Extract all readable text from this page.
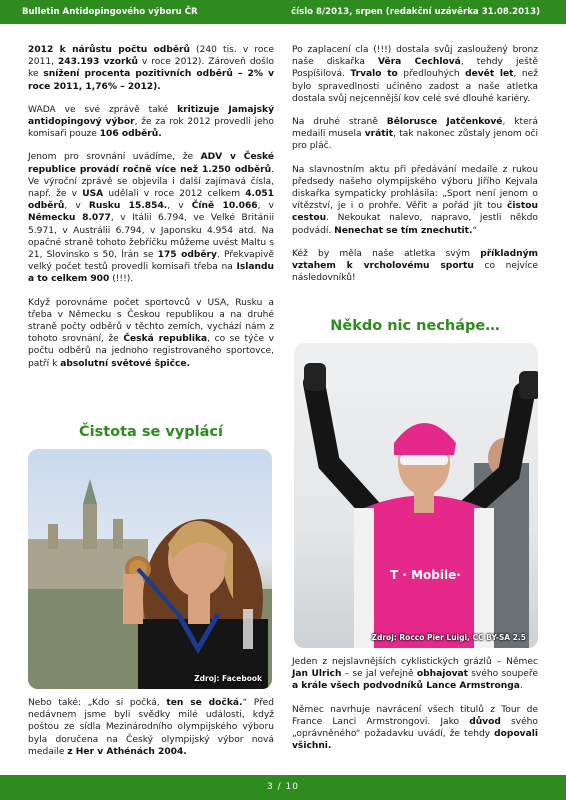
Bulletin Antidopingového výboru ČR	číslo 8/2013, srpen (redakční uzávěrka 31.08.2013)

2012 k nárůstu počtu odběrů (240 tis. v roce 2011, 243.193 vzorků v roce 2012). Zároveň došlo ke snížení procenta pozitivních odběrů – 2% v roce 2011, 1,76% – 2012).

WADA ve své zprávě také kritizuje Jamajský antidopingový výbor, že za rok 2012 provedli jeho komisaři pouze 106 odběrů.

Jenom pro srovnání uvádíme, že ADV v České republice provádí ročně více než 1.250 odběrů. Ve výroční zprávě se objevila i další zajímavá čísla, např. že v USA udělali v roce 2012 celkem 4.051 odběrů, v Rusku 15.854., v Číně 10.066, v Německu 8.077, v Itálii 6.794, ve Velké Británii 5.971, v Austrálii 6.794, v Japonsku 4.954 atd. Na opačné straně tohoto žebříčku můžeme uvést Maltu s 21, Slovinsko s 50, Írán se 175 odběry. Překvapivě velký počet testů provedli komisaři třeba na Islandu a to celkem 900 (!!!).

Když porovnáme počet sportovců v USA, Rusku a třeba v Německu s Českou republikou a na druhé straně počty odběrů v těchto zemích, vychází nám z tohoto srovnání, že Česká republika, co se týče v počtu odběrů na jednoho registrovaného sportovce, patří k absolutní světové špičce.

Čistota se vyplácí
Zdroj: Facebook

Nebo také: „Kdo si počká, ten se dočká.“ Před nedávnem jsme byli svědky milé události, když poštou ze sídla Mezinárodního olympijského výboru byla doručena na Český olympijský výbor nová medaile z Her v Athénách 2004.

Po zaplacení cla (!!!) dostala svůj zasloužený bronz naše diskařka Věra Cechlová, tehdy ještě Pospíšilová. Trvalo to předlouhých devět let, než bylo spravedlnosti učiněno zadost a naše atletka dostala svůj nejcennější kov celé své dlouhé kariéry.

Na druhé straně Bělorusce Jatčenkové, která medaili musela vrátit, tak nakonec zůstaly jenom oči pro pláč.

Na slavnostním aktu při předávání medaile z rukou předsedy našeho olympijského výboru Jiřího Kejvala diskařka sympaticky prohlásila: „Sport není jenom o vítězství, je i o prohře. Věřit a pořád jít tou čistou cestou. Nekoukat nalevo, napravo, jestli někdo podvádí. Nenechat se tím znechutit.“

Kéž by měla naše atletka svým příkladným vztahem k vrcholovému sportu co nejvíce následovníků!

Někdo nic nechápe…
T · Mobile·
Zdroj: Rocco Pier Luigi, CC BY-SA 2.5

Jeden z nejslavnějších cyklistických grázlů – Němec Jan Ulrich – se jal veřejně obhajovat svého soupeře a krále všech podvodníků Lance Armstronga.

Němec navrhuje navrácení všech titulů z Tour de France Lanci Armstrongovi. Jako důvod svého „oprávněného“ požadavku uvádí, že tehdy dopovali všichni.

3 / 10
